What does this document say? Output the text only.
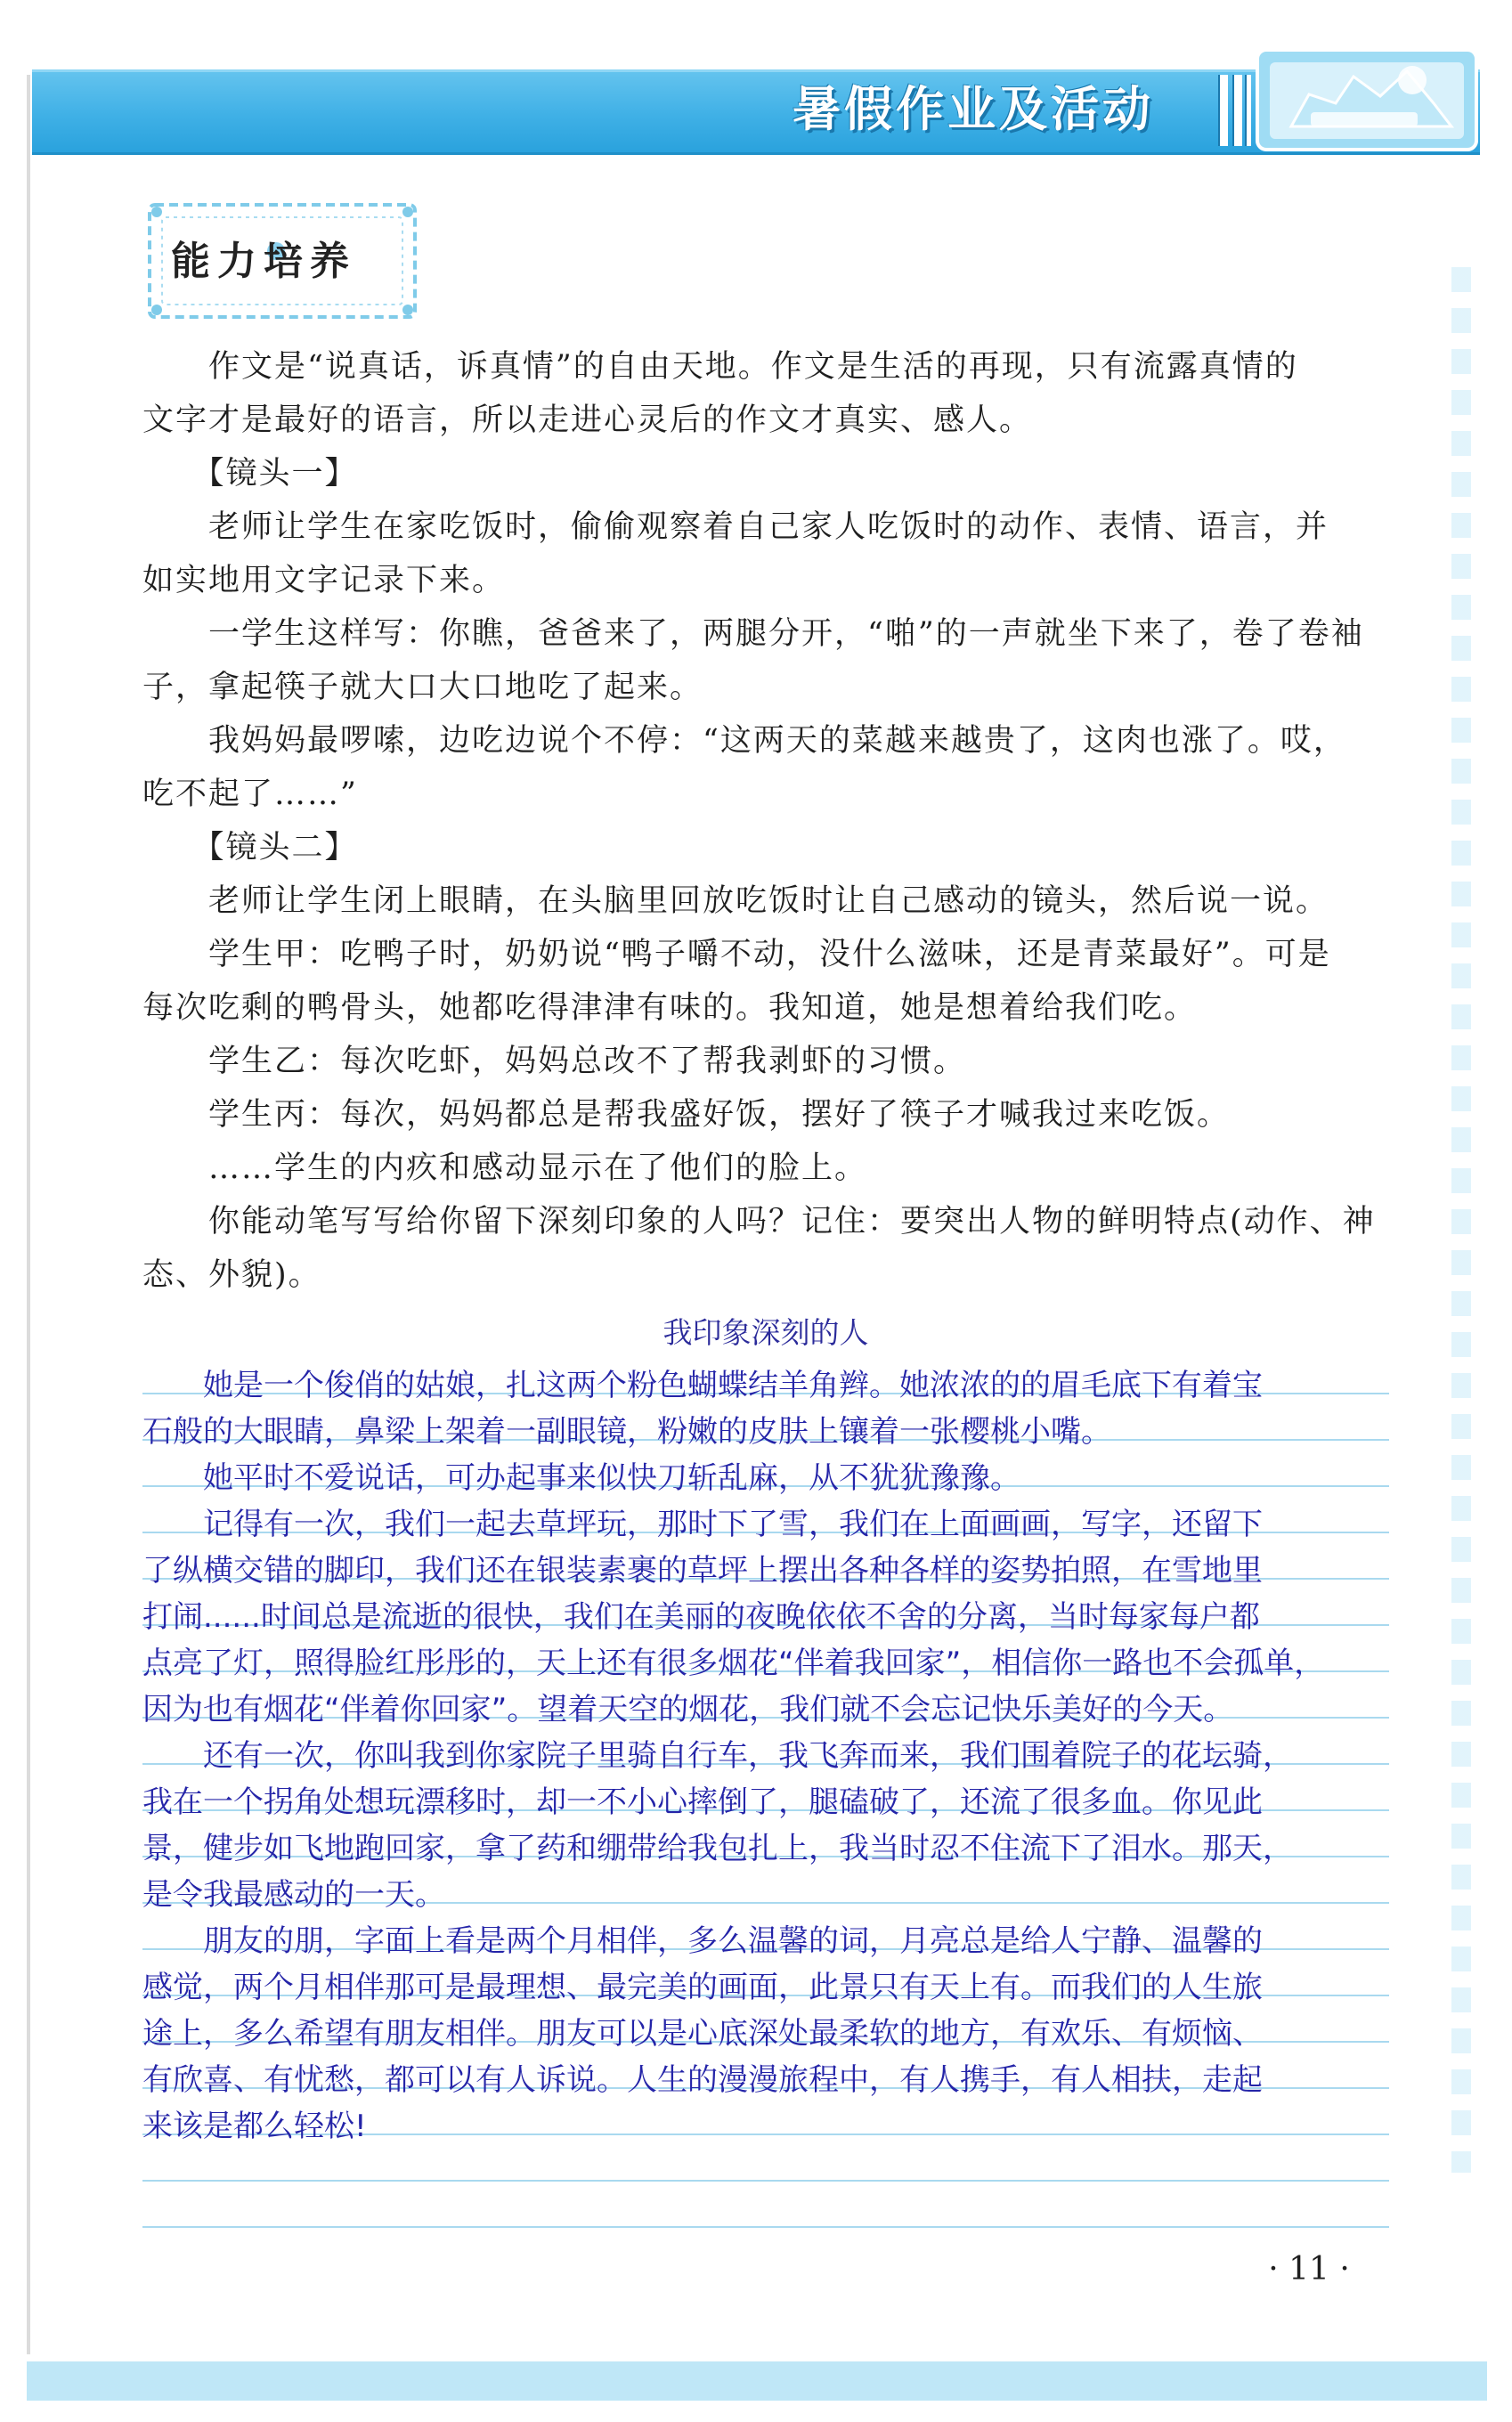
暑假作业及活动
能力培养
　　作文是“说真话，诉真情”的自由天地。作文是生活的再现，只有流露真情的
文字才是最好的语言，所以走进心灵后的作文才真实、感人。
　　【镜头一】
　　老师让学生在家吃饭时，偷偷观察着自己家人吃饭时的动作、表情、语言，并
如实地用文字记录下来。
　　一学生这样写：你瞧，爸爸来了，两腿分开，“啪”的一声就坐下来了，卷了卷袖
子，拿起筷子就大口大口地吃了起来。
　　我妈妈最啰嗦，边吃边说个不停：“这两天的菜越来越贵了，这肉也涨了。哎，
吃不起了……”
　　【镜头二】
　　老师让学生闭上眼睛，在头脑里回放吃饭时让自己感动的镜头，然后说一说。
　　学生甲：吃鸭子时，奶奶说“鸭子嚼不动，没什么滋味，还是青菜最好”。可是
每次吃剩的鸭骨头，她都吃得津津有味的。我知道，她是想着给我们吃。
　　学生乙：每次吃虾，妈妈总改不了帮我剥虾的习惯。
　　学生丙：每次，妈妈都总是帮我盛好饭，摆好了筷子才喊我过来吃饭。
　　……学生的内疚和感动显示在了他们的脸上。
　　你能动笔写写给你留下深刻印象的人吗？记住：要突出人物的鲜明特点(动作、神
态、外貌)。
我印象深刻的人
　　她是一个俊俏的姑娘，扎这两个粉色蝴蝶结羊角辫。她浓浓的的眉毛底下有着宝
石般的大眼睛，鼻梁上架着一副眼镜，粉嫩的皮肤上镶着一张樱桃小嘴。
　　她平时不爱说话，可办起事来似快刀斩乱麻，从不犹犹豫豫。
　　记得有一次，我们一起去草坪玩，那时下了雪，我们在上面画画，写字，还留下
了纵横交错的脚印，我们还在银装素裹的草坪上摆出各种各样的姿势拍照，在雪地里
打闹......时间总是流逝的很快，我们在美丽的夜晚依依不舍的分离，当时每家每户都
点亮了灯，照得脸红彤彤的，天上还有很多烟花“伴着我回家”，相信你一路也不会孤单，
因为也有烟花“伴着你回家”。望着天空的烟花，我们就不会忘记快乐美好的今天。
　　还有一次，你叫我到你家院子里骑自行车，我飞奔而来，我们围着院子的花坛骑，
我在一个拐角处想玩漂移时，却一不小心摔倒了，腿磕破了，还流了很多血。你见此
景，健步如飞地跑回家，拿了药和绷带给我包扎上，我当时忍不住流下了泪水。那天，
是令我最感动的一天。
　　朋友的朋，字面上看是两个月相伴，多么温馨的词，月亮总是给人宁静、温馨的
感觉，两个月相伴那可是最理想、最完美的画面，此景只有天上有。而我们的人生旅
途上，多么希望有朋友相伴。朋友可以是心底深处最柔软的地方，有欢乐、有烦恼、
有欣喜、有忧愁，都可以有人诉说。人生的漫漫旅程中，有人携手，有人相扶，走起
来该是都么轻松!
· 11 ·
